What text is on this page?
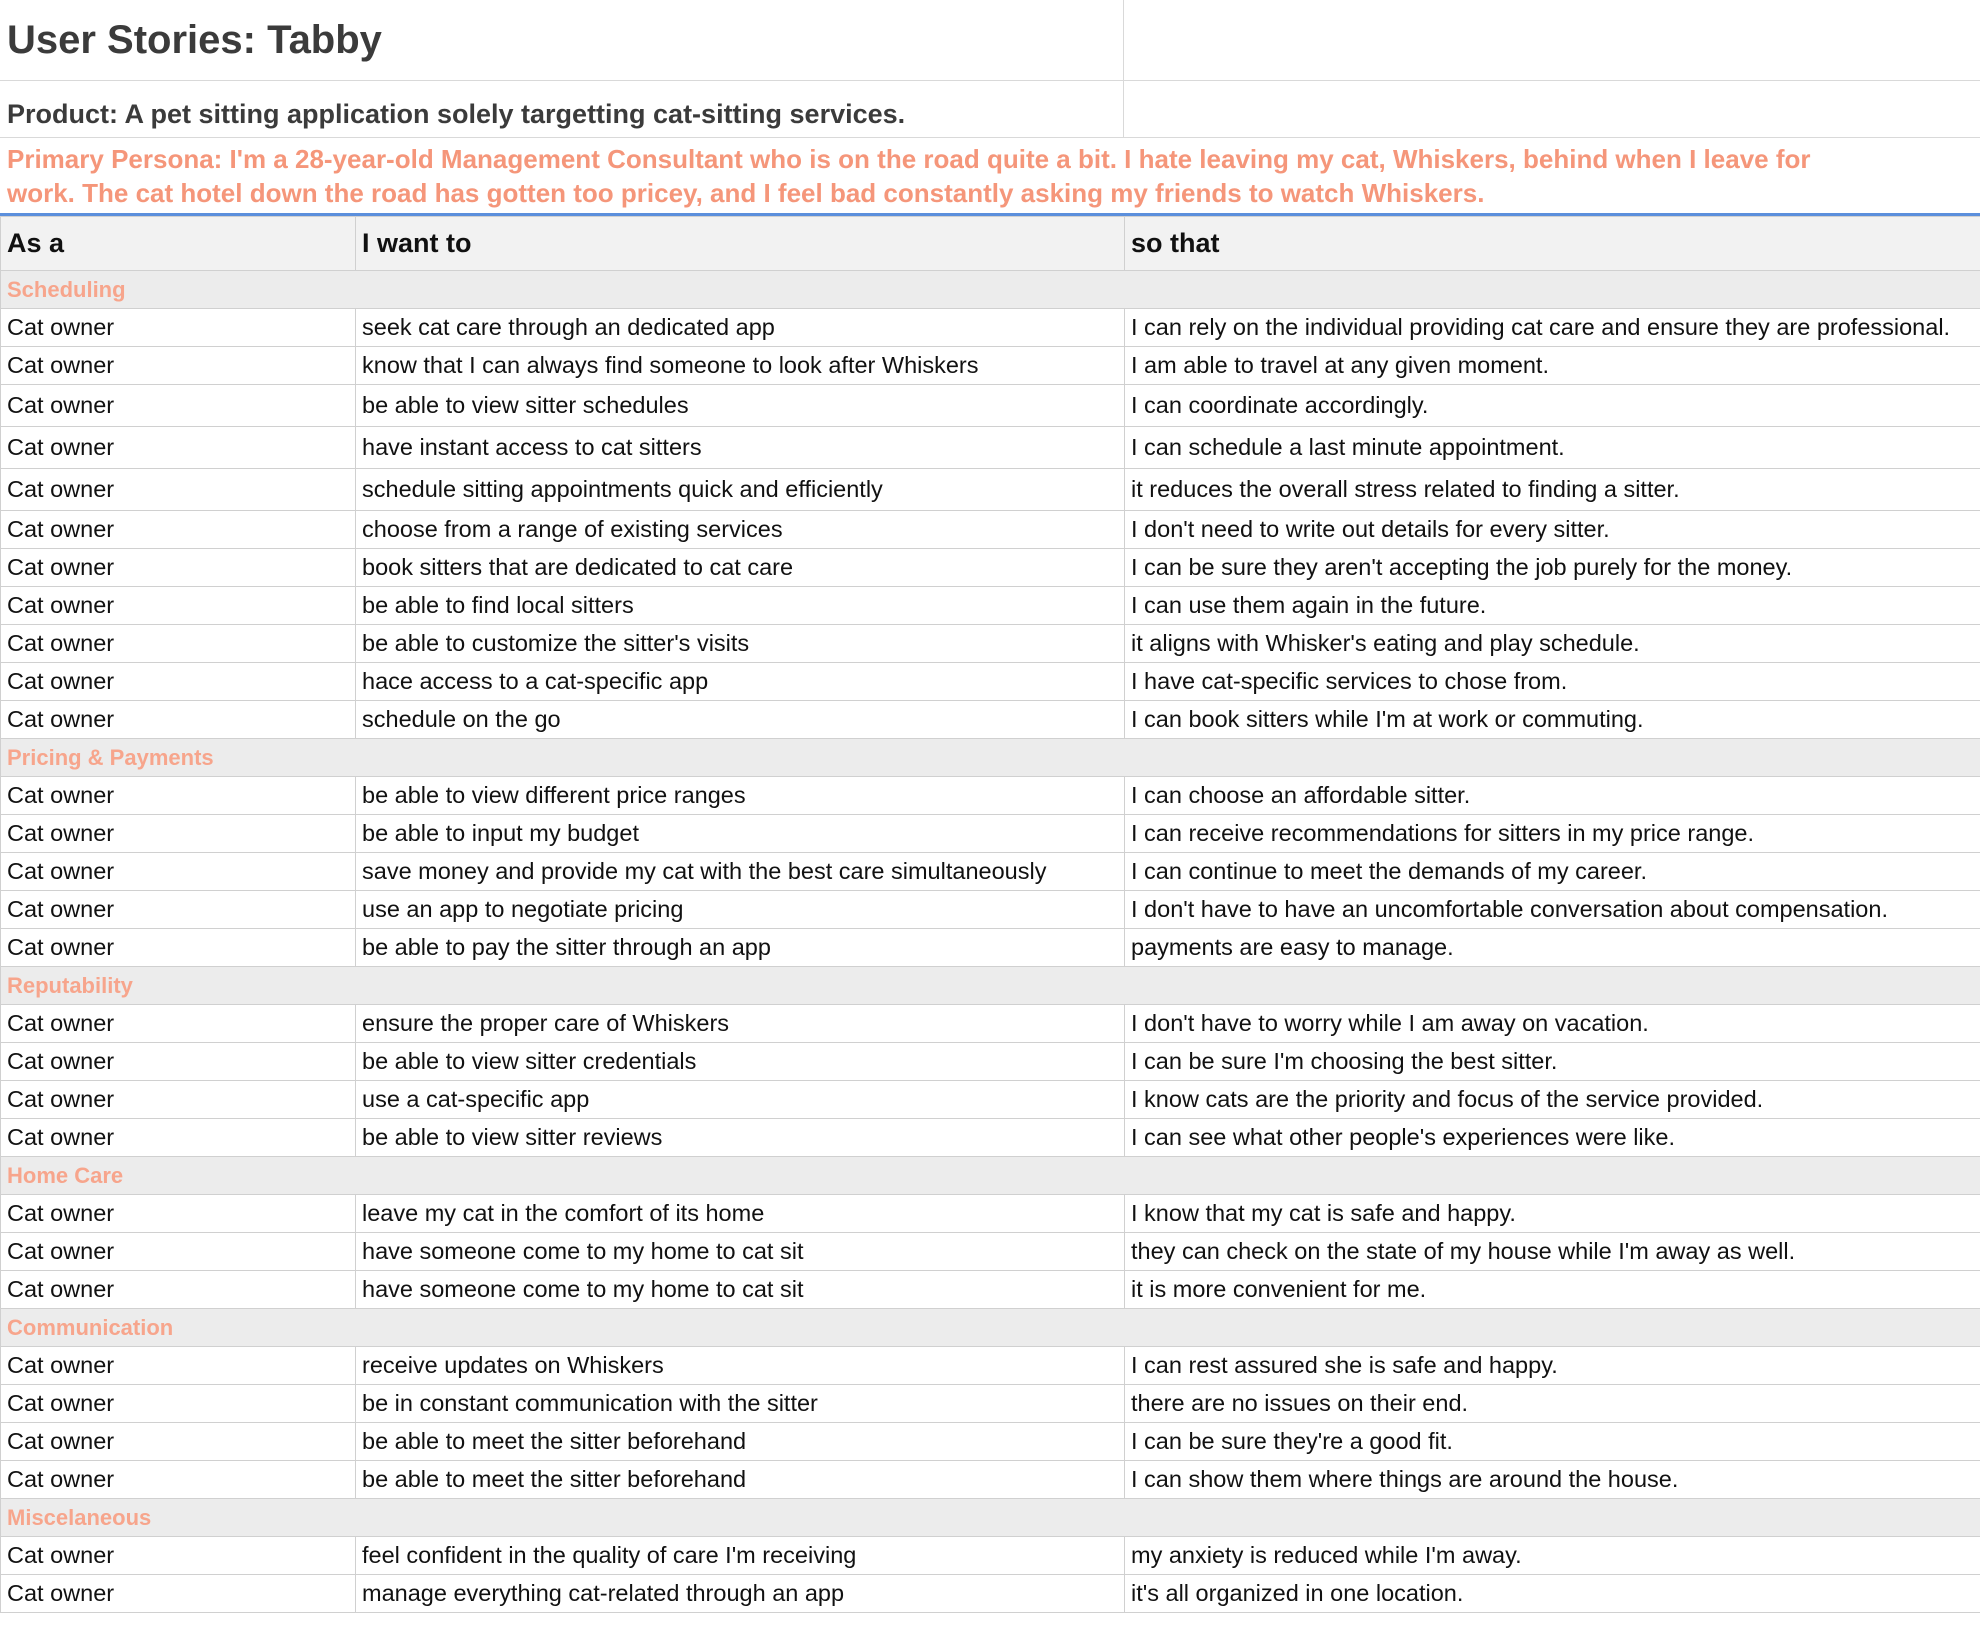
User Stories: Tabby
Product: A pet sitting application solely targetting cat-sitting services.
Primary Persona: I'm a 28-year-old Management Consultant who is on the road quite a bit. I hate leaving my cat, Whiskers, behind when I leave for
work. The cat hotel down the road has gotten too pricey, and I feel bad constantly asking my friends to watch Whiskers.
As a	I want to	so that
Scheduling		
Cat owner	seek cat care through an dedicated app	I can rely on the individual providing cat care and ensure they are professional.
Cat owner	know that I can always find someone to look after Whiskers	I am able to travel at any given moment.
Cat owner	be able to view sitter schedules	I can coordinate accordingly.
Cat owner	have instant access to cat sitters	I can schedule a last minute appointment.
Cat owner	schedule sitting appointments quick and efficiently	it reduces the overall stress related to finding a sitter.
Cat owner	choose from a range of existing services	I don't need to write out details for every sitter.
Cat owner	book sitters that are dedicated to cat care	I can be sure they aren't accepting the job purely for the money.
Cat owner	be able to find local sitters	I can use them again in the future.
Cat owner	be able to customize the sitter's visits	it aligns with Whisker's eating and play schedule.
Cat owner	hace access to a cat-specific app	I have cat-specific services to chose from.
Cat owner	schedule on the go	I can book sitters while I'm at work or commuting.
Pricing & Payments		
Cat owner	be able to view different price ranges	I can choose an affordable sitter.
Cat owner	be able to input my budget	I can receive recommendations for sitters in my price range.
Cat owner	save money and provide my cat with the best care simultaneously	I can continue to meet the demands of my career.
Cat owner	use an app to negotiate pricing	I don't have to have an uncomfortable conversation about compensation.
Cat owner	be able to pay the sitter through an app	payments are easy to manage.
Reputability		
Cat owner	ensure the proper care of Whiskers	I don't have to worry while I am away on vacation.
Cat owner	be able to view sitter credentials	I can be sure I'm choosing the best sitter.
Cat owner	use a cat-specific app	I know cats are the priority and focus of the service provided.
Cat owner	be able to view sitter reviews	I can see what other people's experiences were like.
Home Care		
Cat owner	leave my cat in the comfort of its home	I know that my cat is safe and happy.
Cat owner	have someone come to my home to cat sit	they can check on the state of my house while I'm away as well.
Cat owner	have someone come to my home to cat sit	it is more convenient for me.
Communication		
Cat owner	receive updates on Whiskers	I can rest assured she is safe and happy.
Cat owner	be in constant communication with the sitter	there are no issues on their end.
Cat owner	be able to meet the sitter beforehand	I can be sure they're a good fit.
Cat owner	be able to meet the sitter beforehand	I can show them where things are around the house.
Miscelaneous		
Cat owner	feel confident in the quality of care I'm receiving	my anxiety is reduced while I'm away.
Cat owner	manage everything cat-related through an app	it's all organized in one location.
